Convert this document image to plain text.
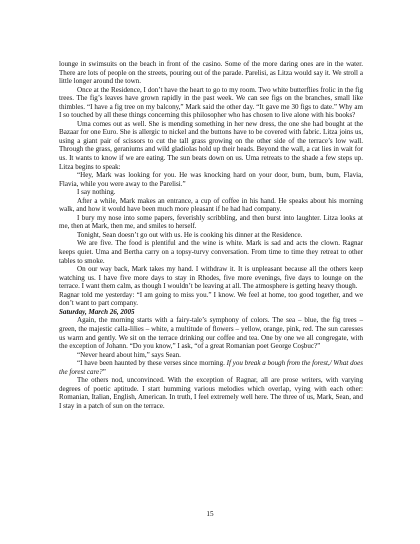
lounge in swimsuits on the beach in front of the casino. Some of the more daring ones are in the water. There are lots of people on the streets, pouring out of the parade. Parelisi, as Litza would say it. We stroll a little longer around the town.

Once at the Residence, I don’t have the heart to go to my room. Two white butterflies frolic in the fig trees. The fig’s leaves have grown rapidly in the past week. We can see figs on the branches, small like thimbles. “I have a fig tree on my balcony,” Mark said the other day. “It gave me 30 figs to date.” Why am I so touched by all these things concerning this philosopher who has chosen to live alone with his books?

Uma comes out as well. She is mending something in her new dress, the one she had bought at the Bazaar for one Euro. She is allergic to nickel and the buttons have to be covered with fabric. Litza joins us, using a giant pair of scissors to cut the tall grass growing on the other side of the terrace’s low wall. Through the grass, geraniums and wild gladiolas hold up their heads. Beyond the wall, a cat lies in wait for us. It wants to know if we are eating. The sun beats down on us. Uma retreats to the shade a few steps up. Litza begins to speak:

“Hey, Mark was looking for you. He was knocking hard on your door, bum, bum, bum, Flavia, Flavia, while you were away to the Parelisi.”

I say nothing.

After a while, Mark makes an entrance, a cup of coffee in his hand. He speaks about his morning walk, and how it would have been much more pleasant if he had had company.

I bury my nose into some papers, feverishly scribbling, and then burst into laughter. Litza looks at me, then at Mark, then me, and smiles to herself.

Tonight, Sean doesn’t go out with us. He is cooking his dinner at the Residence.

We are five. The food is plentiful and the wine is white. Mark is sad and acts the clown. Ragnar keeps quiet. Uma and Bertha carry on a topsy-turvy conversation. From time to time they retreat to other tables to smoke.

On our way back, Mark takes my hand. I withdraw it. It is unpleasant because all the others keep watching us. I have five more days to stay in Rhodes, five more evenings, five days to lounge on the terrace. I want them calm, as though I wouldn’t be leaving at all. The atmosphere is getting heavy though.

Ragnar told me yesterday: “I am going to miss you.” I know. We feel at home, too good together, and we don’t want to part company.

Saturday, March 26, 2005

Again, the morning starts with a fairy-tale’s symphony of colors. The sea – blue, the fig trees – green, the majestic calla-lilies – white, a multitude of flowers – yellow, orange, pink, red. The sun caresses us warm and gently. We sit on the terrace drinking our coffee and tea. One by one we all congregate, with the exception of Johann. “Do you know,” I ask, “of a great Romanian poet George Coşbuc?”

“Never heard about him,” says Sean.

“I have been haunted by these verses since morning. If you break a bough from the forest,/ What does the forest care?”

The others nod, unconvinced. With the exception of Ragnar, all are prose writers, with varying degrees of poetic aptitude. I start humming various melodies which overlap, vying with each other: Romanian, Italian, English, American. In truth, I feel extremely well here. The three of us, Mark, Sean, and I stay in a patch of sun on the terrace.

15
